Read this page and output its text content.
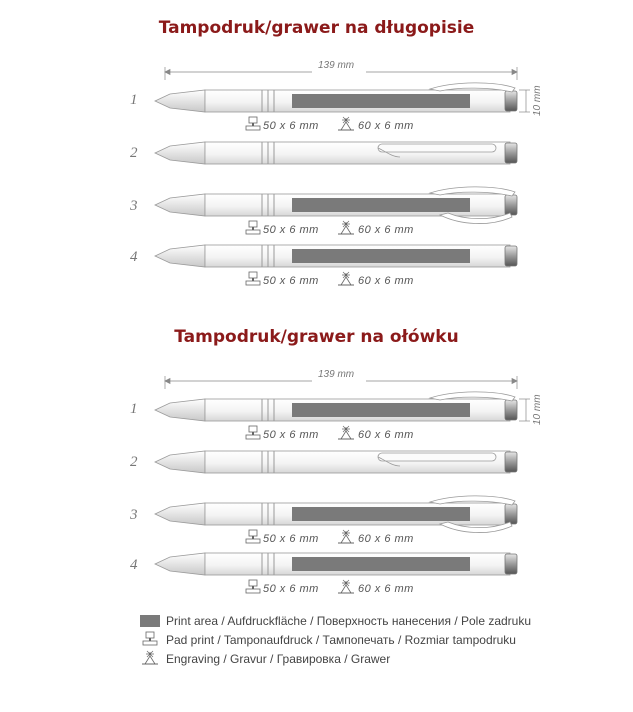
Tampodruk/grawer na długopisie
139 mm
10 mm
1
2
3
4
50 x 6 mm	60 x 6 mm
50 x 6 mm	60 x 6 mm
50 x 6 mm	60 x 6 mm
Tampodruk/grawer na ołówku
139 mm
10 mm
1
2
3
4
50 x 6 mm	60 x 6 mm
50 x 6 mm	60 x 6 mm
50 x 6 mm	60 x 6 mm
Print area / Aufdruckfläche / Поверхность нанесения / Pole zadruku
Pad print / Tamponaufdruck / Тампопечать / Rozmiar tampodruku
Engraving / Gravur / Гравировка / Grawer
